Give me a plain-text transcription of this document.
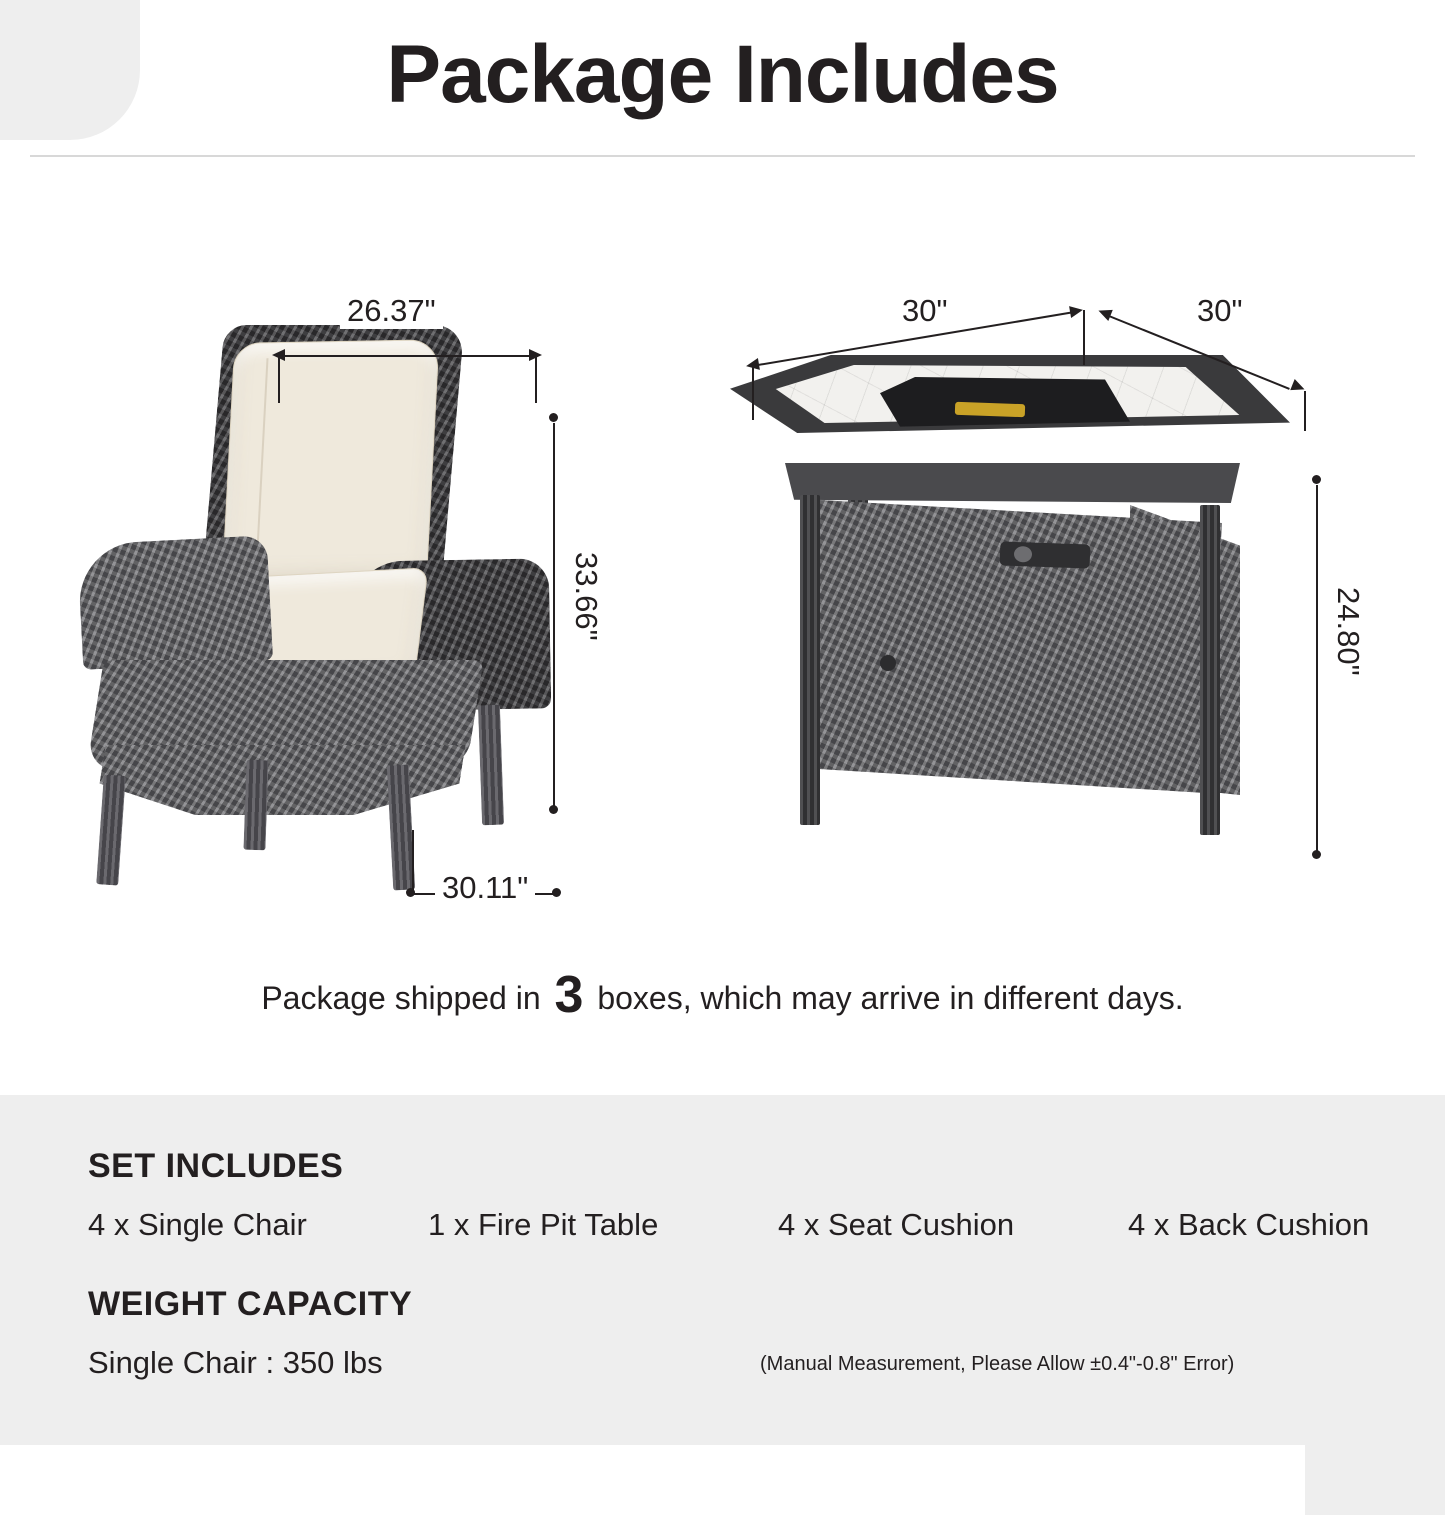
Package Includes
26.37"
33.66"
30.11"
30"	30"
24.80"
Package shipped in 3 boxes, which may arrive in different days.
SET INCLUDES
4 x Single Chair	1 x Fire Pit Table	4 x Seat Cushion	4 x Back Cushion
WEIGHT CAPACITY
Single Chair : 350 lbs	(Manual Measurement, Please Allow ±0.4"-0.8" Error)
